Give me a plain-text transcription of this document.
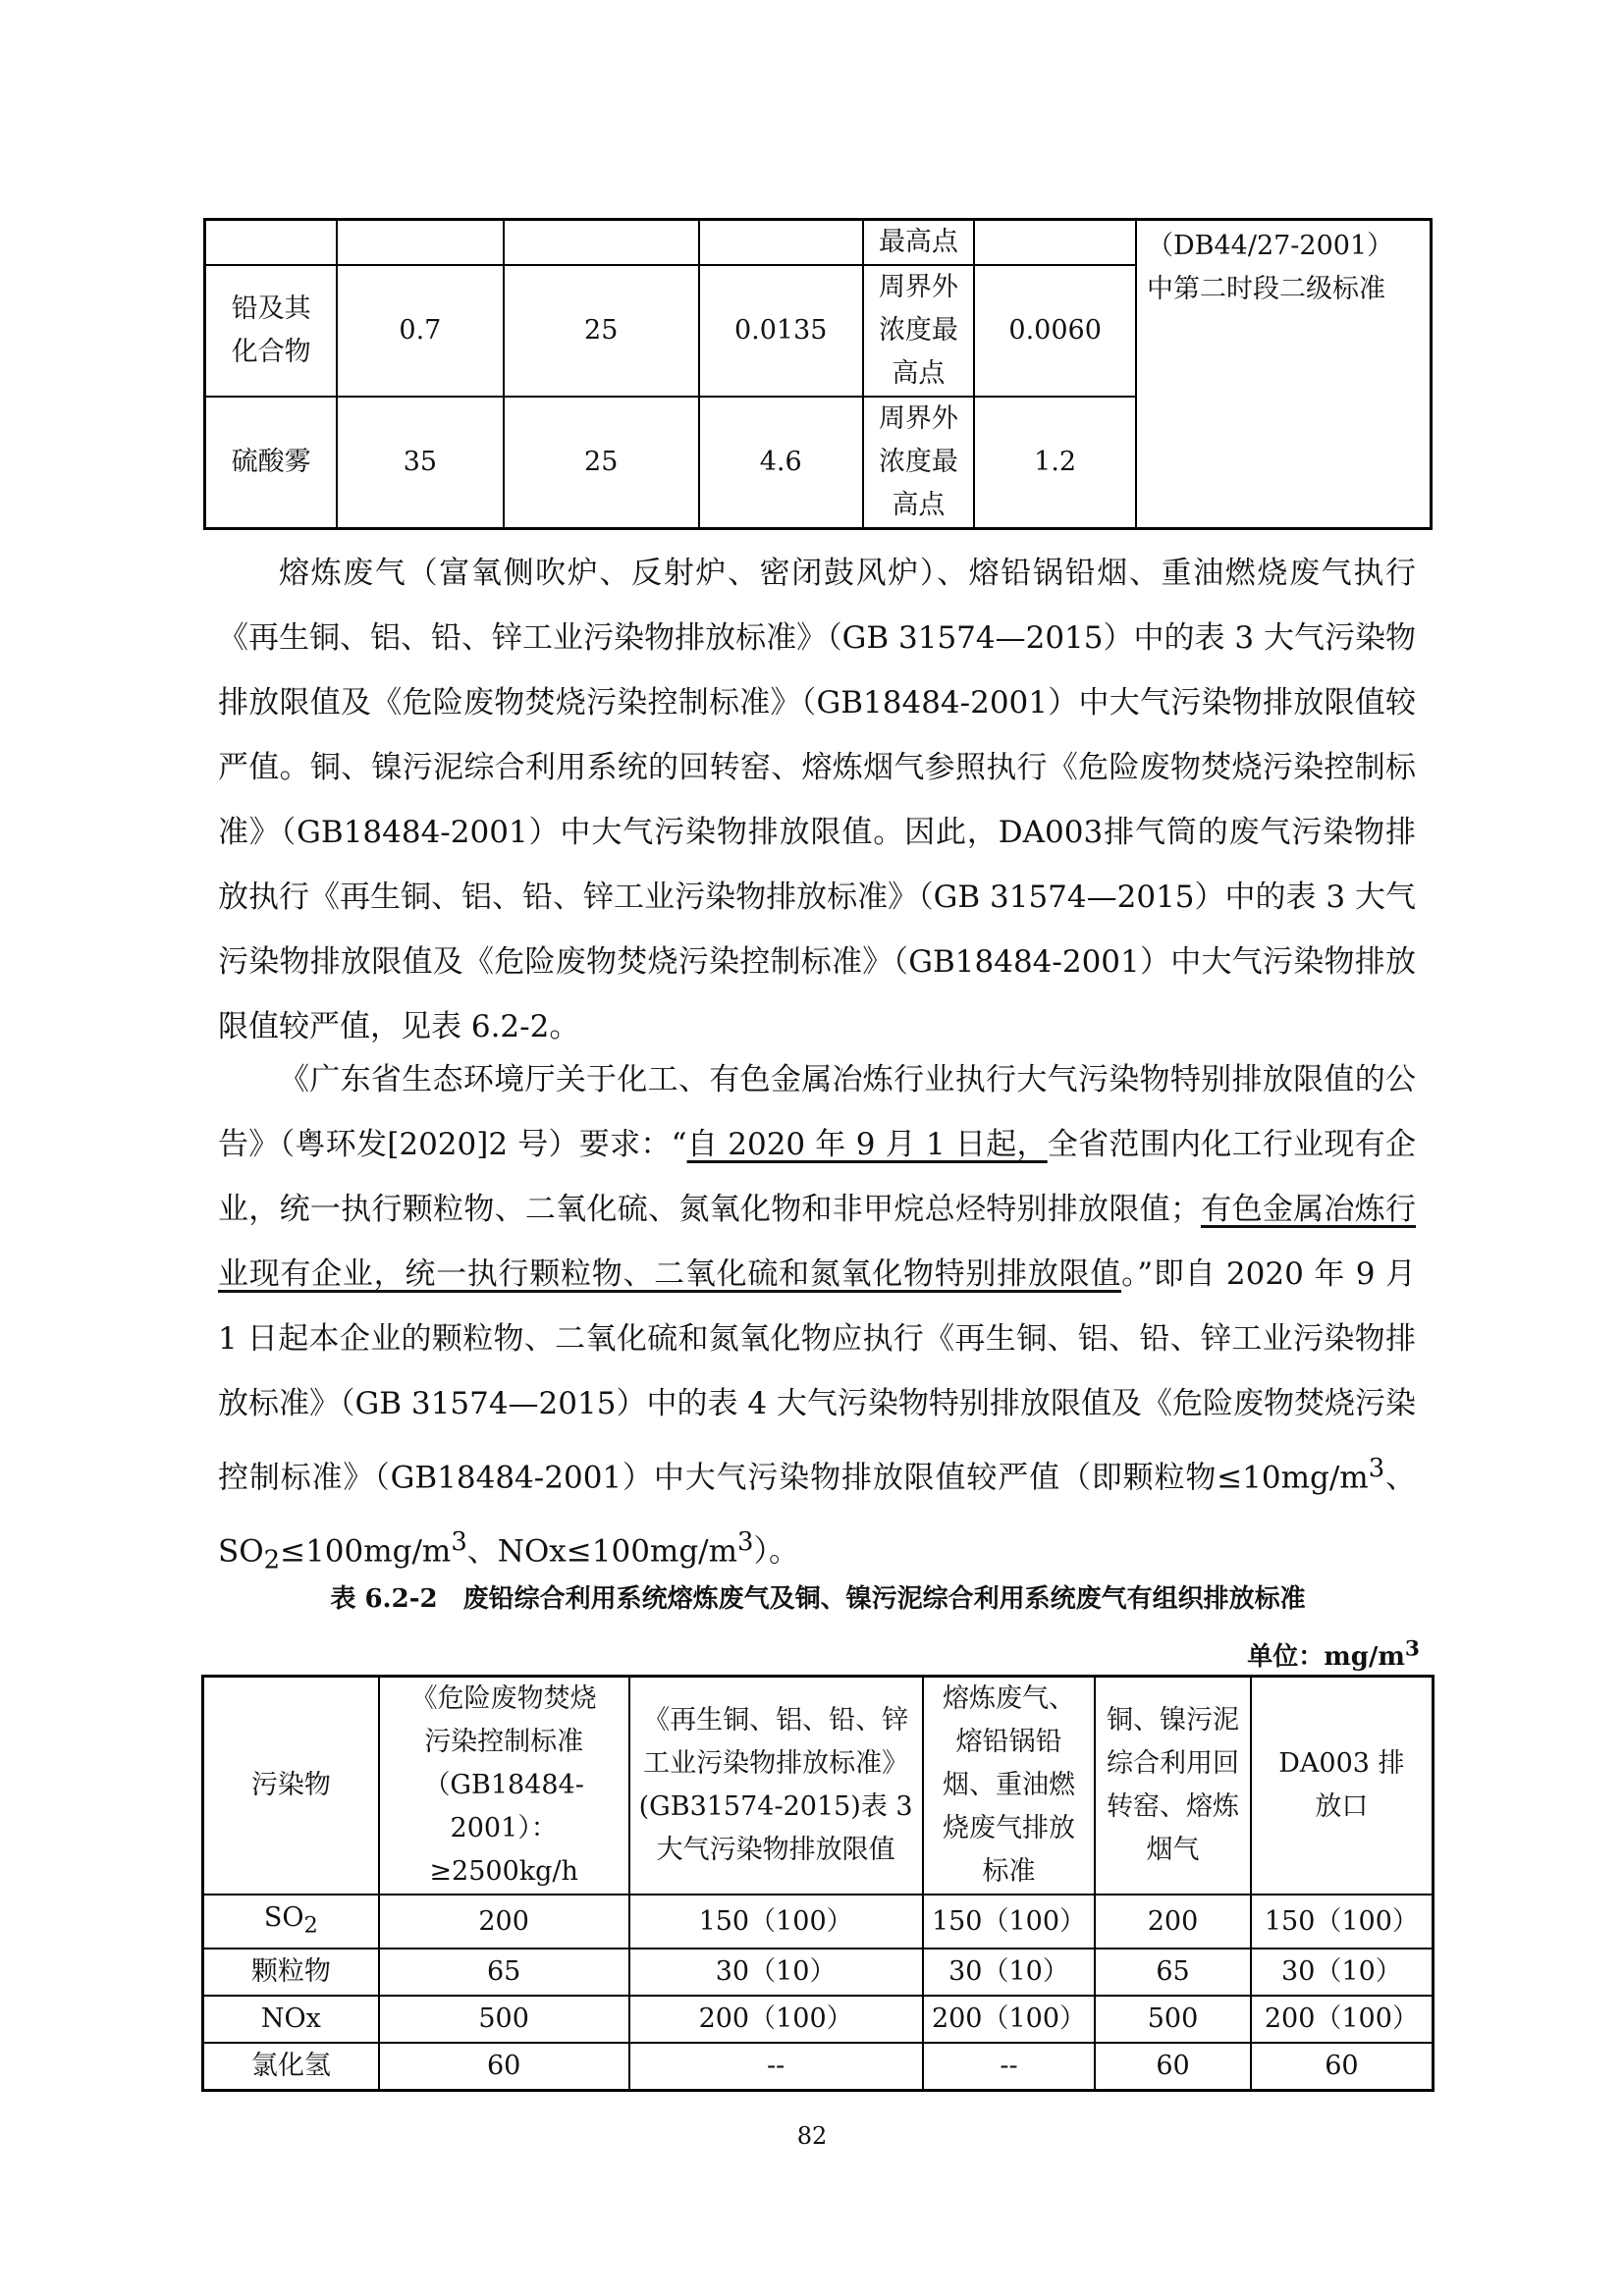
				最高点		（DB44/27-2001）中第二时段二级标准
铅及其化合物	0.7	25	0.0135	周界外浓度最高点	0.0060	
硫酸雾	35	25	4.6	周界外浓度最高点	1.2	

熔炼废气（富氧侧吹炉、反射炉、密闭鼓风炉）、熔铅锅铅烟、重油燃烧废气执行《再生铜、铝、铅、锌工业污染物排放标准》（GB 31574—2015）中的表 3 大气污染物排放限值及《危险废物焚烧污染控制标准》（GB18484-2001）中大气污染物排放限值较严值。铜、镍污泥综合利用系统的回转窑、熔炼烟气参照执行《危险废物焚烧污染控制标准》（GB18484-2001）中大气污染物排放限值。因此，DA003排气筒的废气污染物排放执行《再生铜、铝、铅、锌工业污染物排放标准》（GB 31574—2015）中的表 3 大气污染物排放限值及《危险废物焚烧污染控制标准》（GB18484-2001）中大气污染物排放限值较严值，见表 6.2-2。

《广东省生态环境厅关于化工、有色金属冶炼行业执行大气污染物特别排放限值的公告》（粤环发[2020]2 号）要求：“自 2020 年 9 月 1 日起，全省范围内化工行业现有企业，统一执行颗粒物、二氧化硫、氮氧化物和非甲烷总烃特别排放限值；有色金属冶炼行业现有企业，统一执行颗粒物、二氧化硫和氮氧化物特别排放限值。”即自 2020 年 9 月 1 日起本企业的颗粒物、二氧化硫和氮氧化物应执行《再生铜、铝、铅、锌工业污染物排放标准》（GB 31574—2015）中的表 4 大气污染物特别排放限值及《危险废物焚烧污染控制标准》（GB18484-2001）中大气污染物排放限值较严值（即颗粒物$\le 10mg/m^3$、$SO_2\le 100mg/m^3$、$NOx\le 100mg/m^3$）。

表 6.2-2　废铅综合利用系统熔炼废气及铜、镍污泥综合利用系统废气有组织排放标准
单位：$mg/m^3$
污染物	《危险废物焚烧污染控制标准（GB18484-2001）：≥2500kg/h	《再生铜、铝、铅、锌工业污染物排放标准》(GB31574-2015)表 3 大气污染物排放限值	熔炼废气、熔铅锅铅烟、重油燃烧废气排放标准	铜、镍污泥综合利用回转窑、熔炼烟气	DA003 排放口
$SO_2$	200	150（100）	150（100）	200	150（100）
颗粒物	65	30（10）	30（10）	65	30（10）
NOx	500	200（100）	200（100）	500	200（100）
氯化氢	60	--	--	60	60
82
